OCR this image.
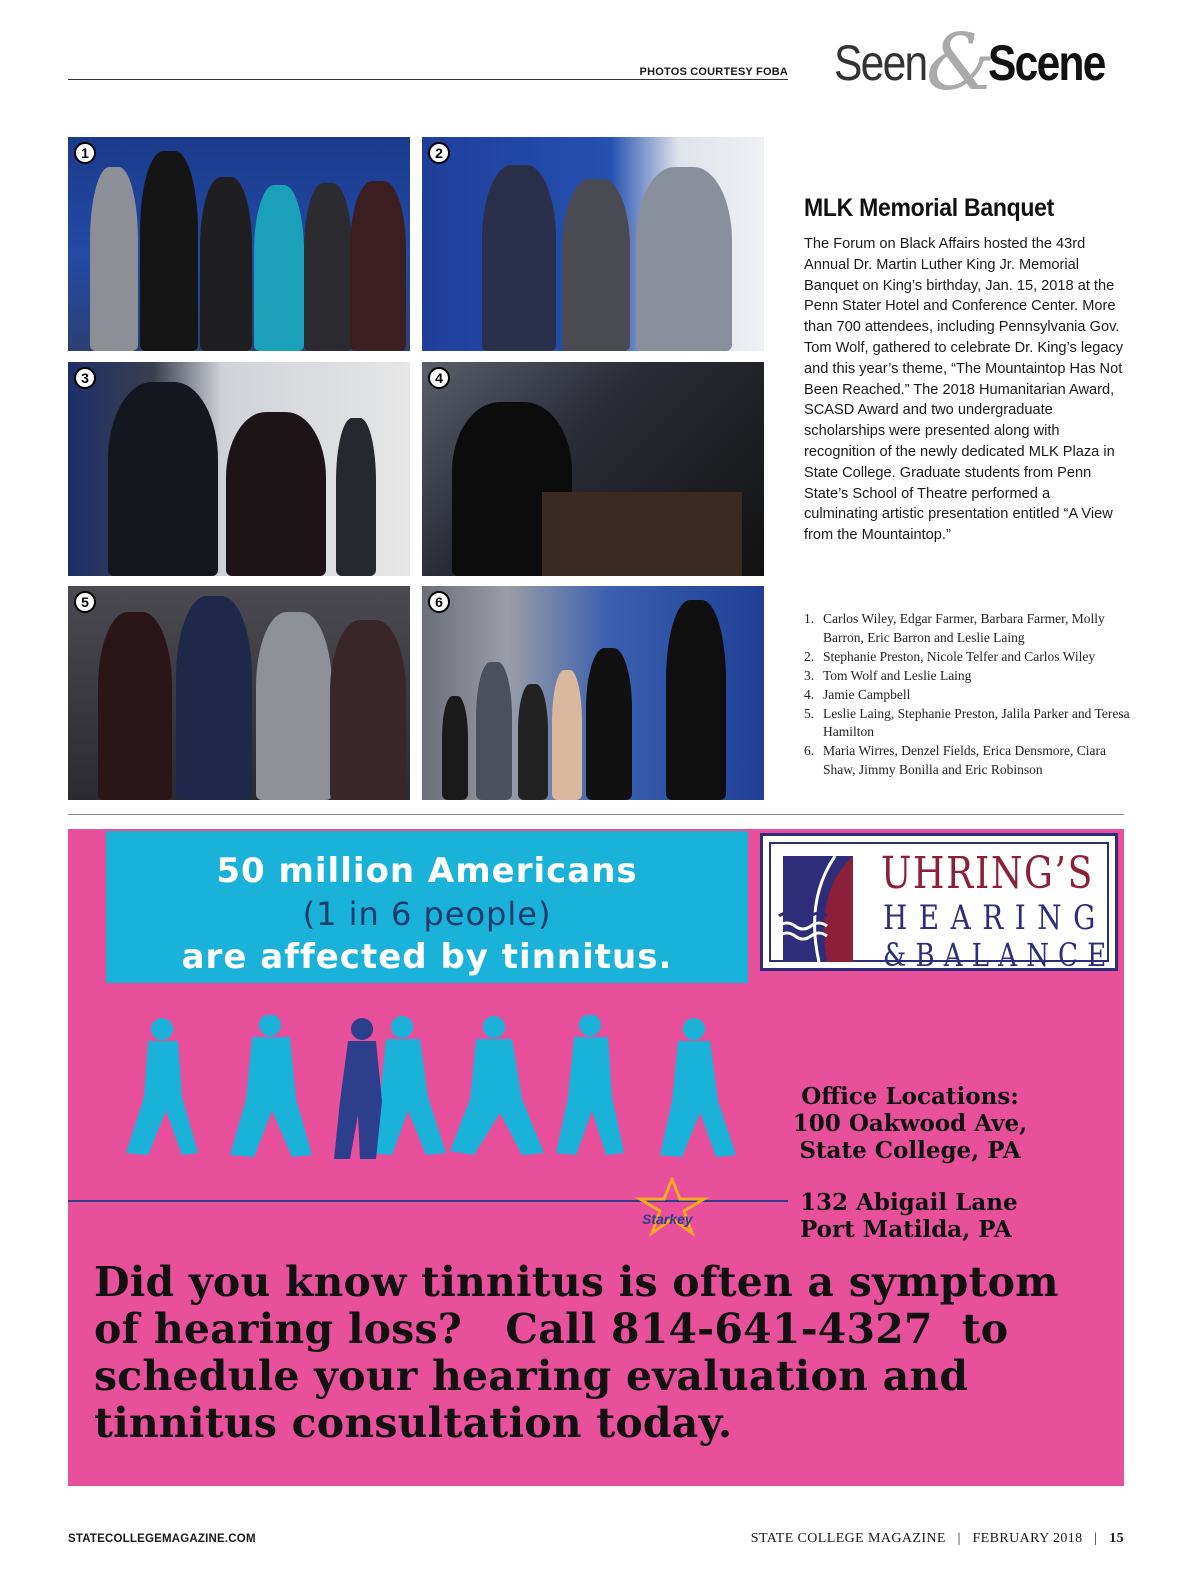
PHOTOS COURTESY FOBA Seen &
Scene
1	2
3	4
5	6
MLK Memorial Banquet
The Forum on Black Affairs hosted the 43rd Annual Dr. Martin Luther King Jr. Memorial Banquet on King’s birthday, Jan. 15, 2018 at the Penn Stater Hotel and Conference Center. More than 700 attendees, including Pennsylvania Gov. Tom Wolf, gathered to celebrate Dr. King’s legacy and this year’s theme, “The Mountaintop Has Not Been Reached.” The 2018 Humanitarian Award, SCASD Award and two undergraduate scholarships were presented along with recognition of the newly dedicated MLK Plaza in State College. Graduate students from Penn State’s School of Theatre performed a culminating artistic presentation entitled “A View from the Mountaintop.”
1. Carlos Wiley, Edgar Farmer, Barbara Farmer, Molly Barron, Eric Barron and Leslie Laing
2. Stephanie Preston, Nicole Telfer and Carlos Wiley
3. Tom Wolf and Leslie Laing
4. Jamie Campbell
5. Leslie Laing, Stephanie Preston, Jalila Parker and Teresa Hamilton
6. Maria Wirres, Denzel Fields, Erica Densmore, Ciara Shaw, Jimmy Bonilla and Eric Robinson
50 million Americans
(1 in 6 people)
are affected by tinnitus.
UHRING’S
HEARING
&BALANCE
Starkey
Office Locations:
100 Oakwood Ave,
State College, PA
132 Abigail Lane
Port Matilda, PA
Did you know tinnitus is often a symptom
of hearing loss?   Call 814-641-4327  to
schedule your hearing evaluation and
tinnitus consultation today.
STATECOLLEGEMAGAZINE.COM	STATE COLLEGE MAGAZINE | FEBRUARY 2018 | 15
